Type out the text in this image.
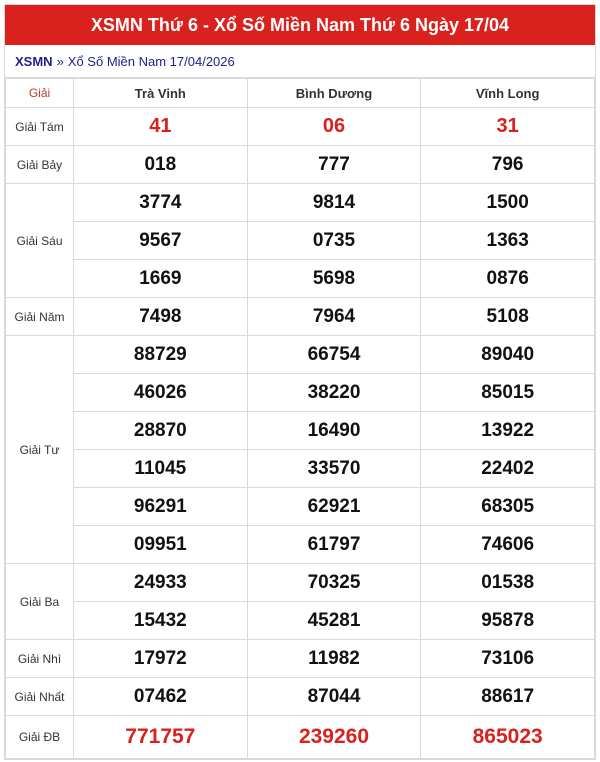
XSMN Thứ 6 - Xổ Số Miền Nam Thứ 6 Ngày 17/04
XSMN » Xổ Số Miền Nam 17/04/2026
Giải	Trà Vinh	Bình Dương	Vĩnh Long
Giải Tám	41	06	31
Giải Bảy	018	777	796
Giải Sáu	3774	9814	1500
	9567	0735	1363
	1669	5698	0876
Giải Năm	7498	7964	5108
Giải Tư	88729	66754	89040
	46026	38220	85015
	28870	16490	13922
	11045	33570	22402
	96291	62921	68305
	09951	61797	74606
Giải Ba	24933	70325	01538
	15432	45281	95878
Giải Nhì	17972	11982	73106
Giải Nhất	07462	87044	88617
Giải ĐB	771757	239260	865023
